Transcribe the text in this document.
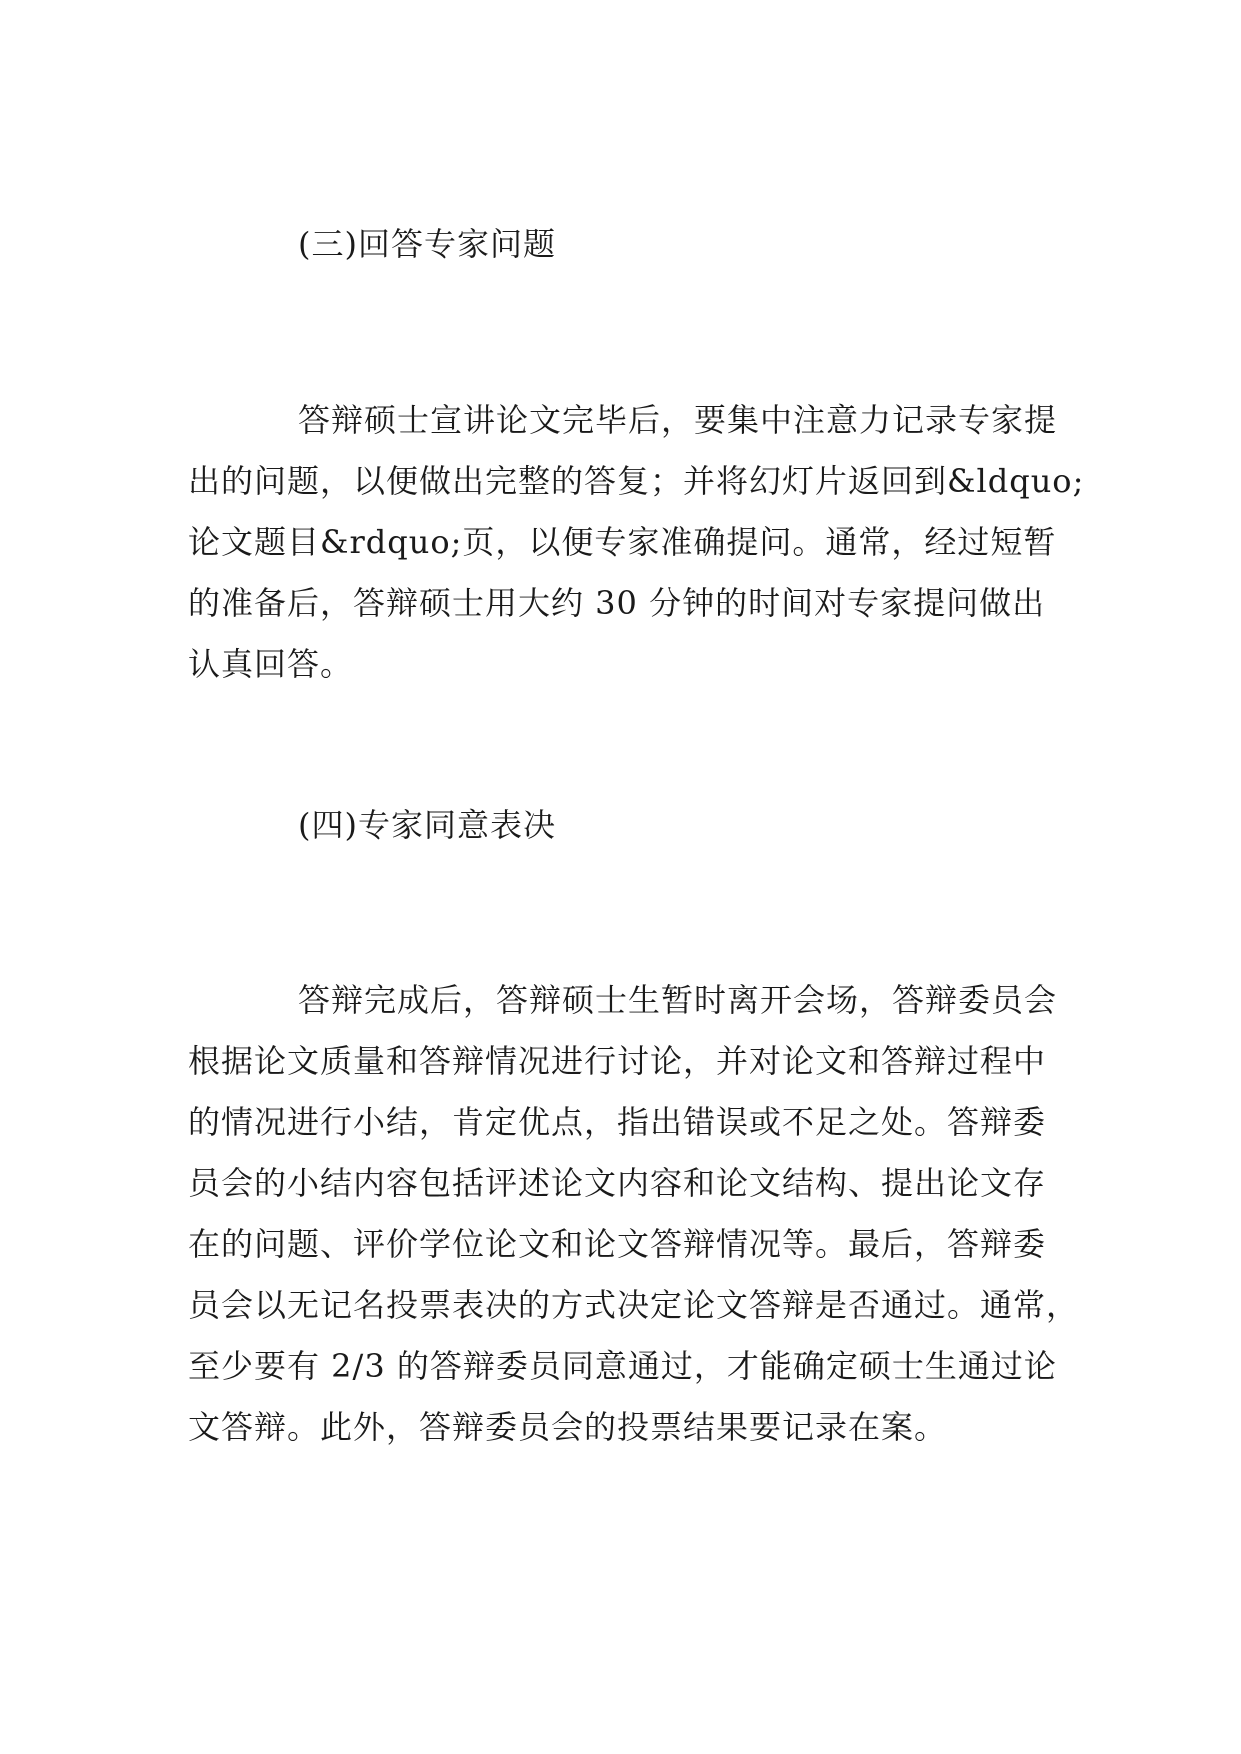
(三)回答专家问题
答辩硕士宣讲论文完毕后，要集中注意力记录专家提
出的问题，以便做出完整的答复；并将幻灯片返回到&ldquo;
论文题目&rdquo;页，以便专家准确提问。通常，经过短暂
的准备后，答辩硕士用大约 30 分钟的时间对专家提问做出
认真回答。
(四)专家同意表决
答辩完成后，答辩硕士生暂时离开会场，答辩委员会
根据论文质量和答辩情况进行讨论，并对论文和答辩过程中
的情况进行小结，肯定优点，指出错误或不足之处。答辩委
员会的小结内容包括评述论文内容和论文结构、提出论文存
在的问题、评价学位论文和论文答辩情况等。最后，答辩委
员会以无记名投票表决的方式决定论文答辩是否通过。通常，
至少要有 2/3 的答辩委员同意通过，才能确定硕士生通过论
文答辩。此外，答辩委员会的投票结果要记录在案。
